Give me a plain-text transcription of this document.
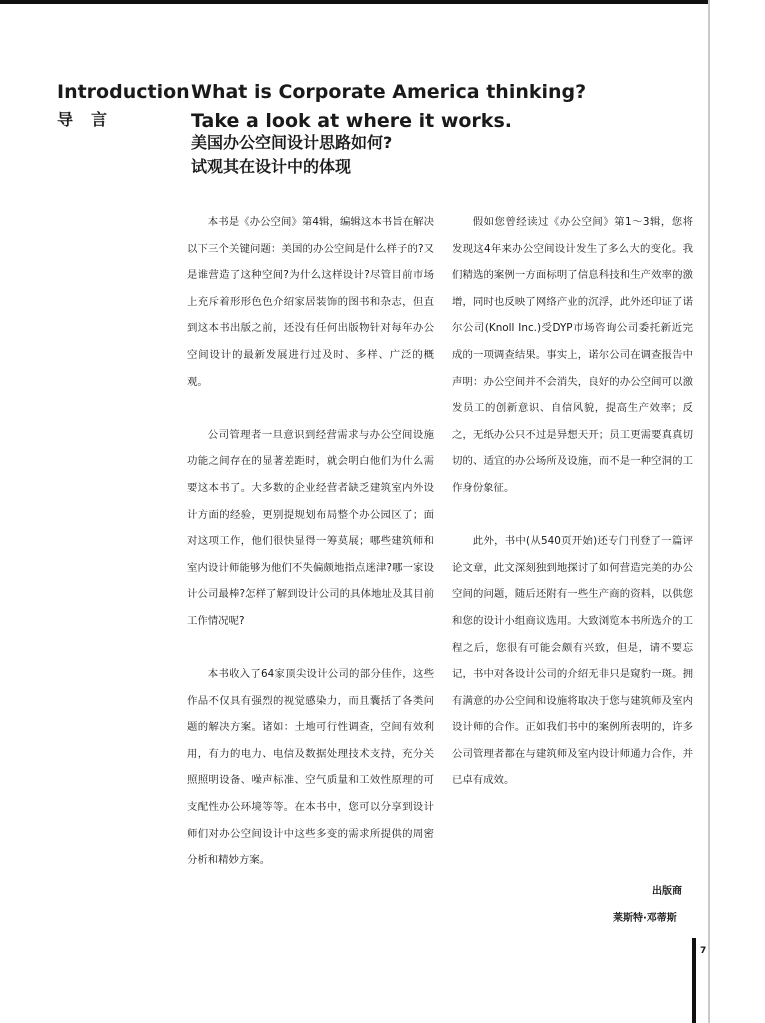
Introduction
导言
What is Corporate America thinking?
Take a look at where it works.
美国办公空间设计思路如何?
试观其在设计中的体现

本书是《办公空间》第4辑，编辑这本书旨在解决以下三个关键问题：美国的办公空间是什么样子的?又是谁营造了这种空间?为什么这样设计?尽管目前市场上充斥着形形色色介绍家居装饰的图书和杂志，但直到这本书出版之前，还没有任何出版物针对每年办公空间设计的最新发展进行过及时、多样、广泛的概观。

公司管理者一旦意识到经营需求与办公空间设施功能之间存在的显著差距时，就会明白他们为什么需要这本书了。大多数的企业经营者缺乏建筑室内外设计方面的经验，更别提规划布局整个办公园区了；面对这项工作，他们很快显得一筹莫展；哪些建筑师和室内设计师能够为他们不失偏颇地指点迷津?哪一家设计公司最棒?怎样了解到设计公司的具体地址及其目前工作情况呢?

本书收入了64家顶尖设计公司的部分佳作，这些作品不仅具有强烈的视觉感染力，而且囊括了各类问题的解决方案。诸如：土地可行性调查，空间有效利用，有力的电力、电信及数据处理技术支持，充分关照照明设备、噪声标准、空气质量和工效性原理的可支配性办公环境等等。在本书中，您可以分享到设计师们对办公空间设计中这些多变的需求所提供的周密分析和精妙方案。

假如您曾经读过《办公空间》第1～3辑，您将发现这4年来办公空间设计发生了多么大的变化。我们精选的案例一方面标明了信息科技和生产效率的激增，同时也反映了网络产业的沉浮，此外还印证了诺尔公司(Knoll Inc.)受DYP市场咨询公司委托新近完成的一项调查结果。事实上，诺尔公司在调查报告中声明：办公空间并不会消失，良好的办公空间可以激发员工的创新意识、自信风貌，提高生产效率；反之，无纸办公只不过是异想天开；员工更需要真真切切的、适宜的办公场所及设施，而不是一种空洞的工作身份象征。

此外，书中(从540页开始)还专门刊登了一篇评论文章，此文深刻独到地探讨了如何营造完美的办公空间的问题，随后还附有一些生产商的资料，以供您和您的设计小组商议选用。大致浏览本书所选介的工程之后，您很有可能会颇有兴致，但是，请不要忘记，书中对各设计公司的介绍无非只是窥豹一斑。拥有满意的办公空间和设施将取决于您与建筑师及室内设计师的合作。正如我们书中的案例所表明的，许多公司管理者都在与建筑师及室内设计师通力合作，并已卓有成效。

出版商
莱斯特·邓蒂斯
7
